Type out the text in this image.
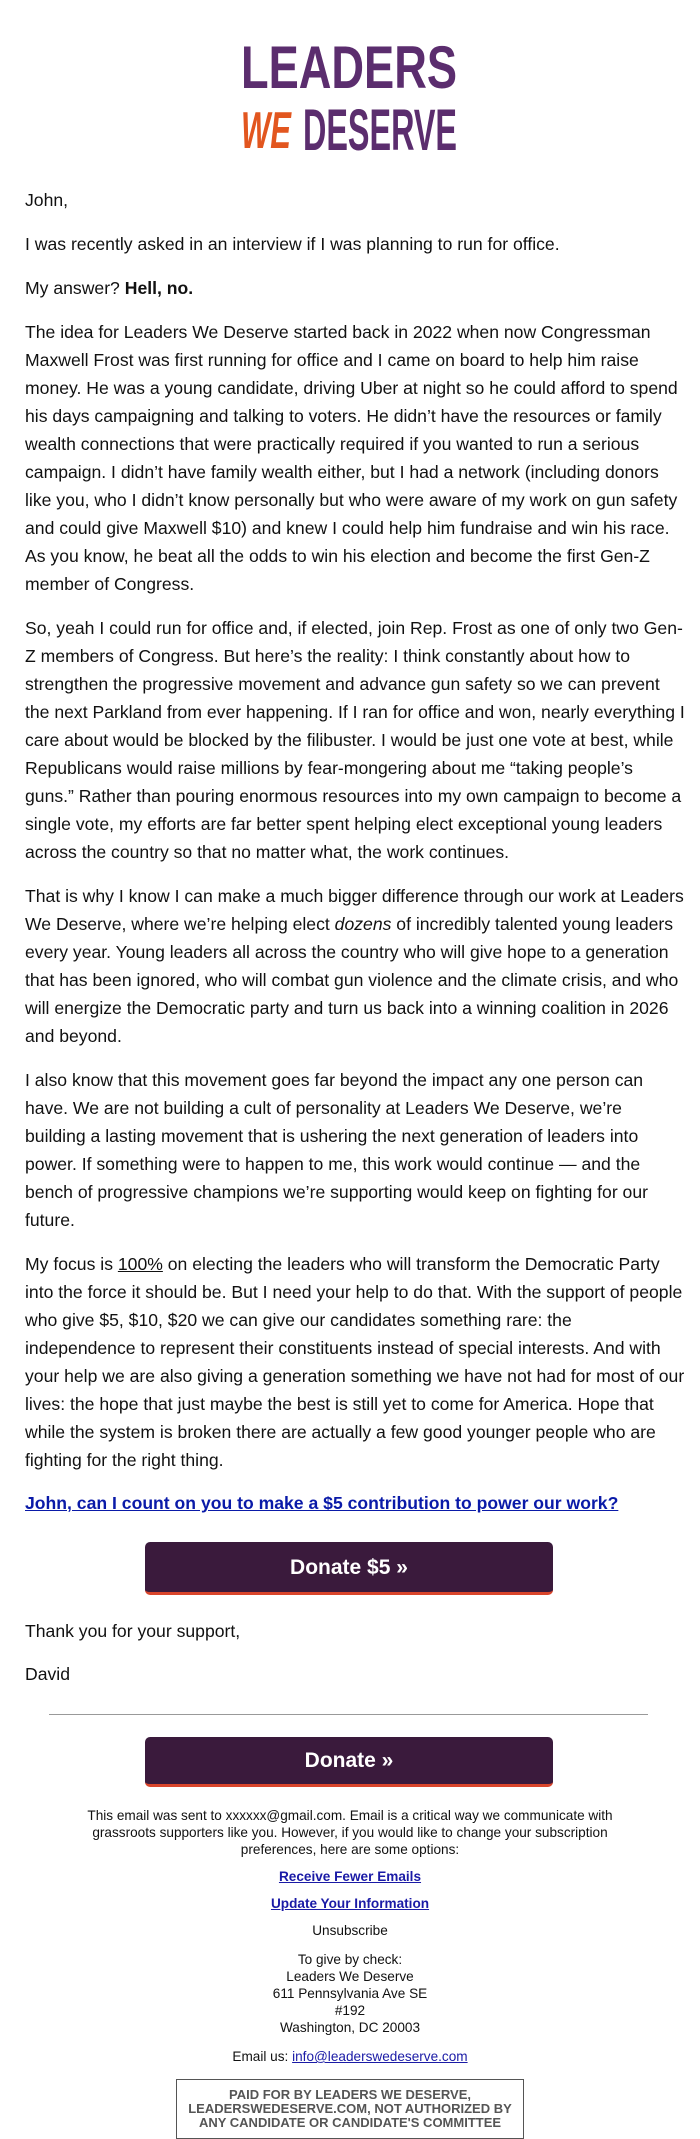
LEADERS
WE DESERVE

John,

I was recently asked in an interview if I was planning to run for office.

My answer? Hell, no.

The idea for Leaders We Deserve started back in 2022 when now Congressman Maxwell Frost was first running for office and I came on board to help him raise money. He was a young candidate, driving Uber at night so he could afford to spend his days campaigning and talking to voters. He didn’t have the resources or family wealth connections that were practically required if you wanted to run a serious campaign. I didn’t have family wealth either, but I had a network (including donors like you, who I didn’t know personally but who were aware of my work on gun safety and could give Maxwell $10) and knew I could help him fundraise and win his race. As you know, he beat all the odds to win his election and become the first Gen-Z member of Congress.

So, yeah I could run for office and, if elected, join Rep. Frost as one of only two Gen-Z members of Congress. But here’s the reality: I think constantly about how to strengthen the progressive movement and advance gun safety so we can prevent the next Parkland from ever happening. If I ran for office and won, nearly everything I care about would be blocked by the filibuster. I would be just one vote at best, while Republicans would raise millions by fear-mongering about me “taking people’s guns.” Rather than pouring enormous resources into my own campaign to become a single vote, my efforts are far better spent helping elect exceptional young leaders across the country so that no matter what, the work continues.

That is why I know I can make a much bigger difference through our work at Leaders We Deserve, where we’re helping elect dozens of incredibly talented young leaders every year. Young leaders all across the country who will give hope to a generation that has been ignored, who will combat gun violence and the climate crisis, and who will energize the Democratic party and turn us back into a winning coalition in 2026 and beyond.

I also know that this movement goes far beyond the impact any one person can have. We are not building a cult of personality at Leaders We Deserve, we’re building a lasting movement that is ushering the next generation of leaders into power. If something were to happen to me, this work would continue — and the bench of progressive champions we’re supporting would keep on fighting for our future.

My focus is 100% on electing the leaders who will transform the Democratic Party into the force it should be. But I need your help to do that. With the support of people who give $5, $10, $20 we can give our candidates something rare: the independence to represent their constituents instead of special interests. And with your help we are also giving a generation something we have not had for most of our lives: the hope that just maybe the best is still yet to come for America. Hope that while the system is broken there are actually a few good younger people who are fighting for the right thing.

John, can I count on you to make a $5 contribution to power our work?
Donate $5 »
Thank you for your support,
David
Donate »
This email was sent to xxxxxx@gmail.com. Email is a critical way we communicate with grassroots supporters like you. However, if you would like to change your subscription preferences, here are some options:
Receive Fewer Emails
Update Your Information
Unsubscribe
To give by check:
Leaders We Deserve
611 Pennsylvania Ave SE
#192
Washington, DC 20003
Email us: info@leaderswedeserve.com
PAID FOR BY LEADERS WE DESERVE, LEADERSWEDESERVE.COM, NOT AUTHORIZED BY ANY CANDIDATE OR CANDIDATE'S COMMITTEE
